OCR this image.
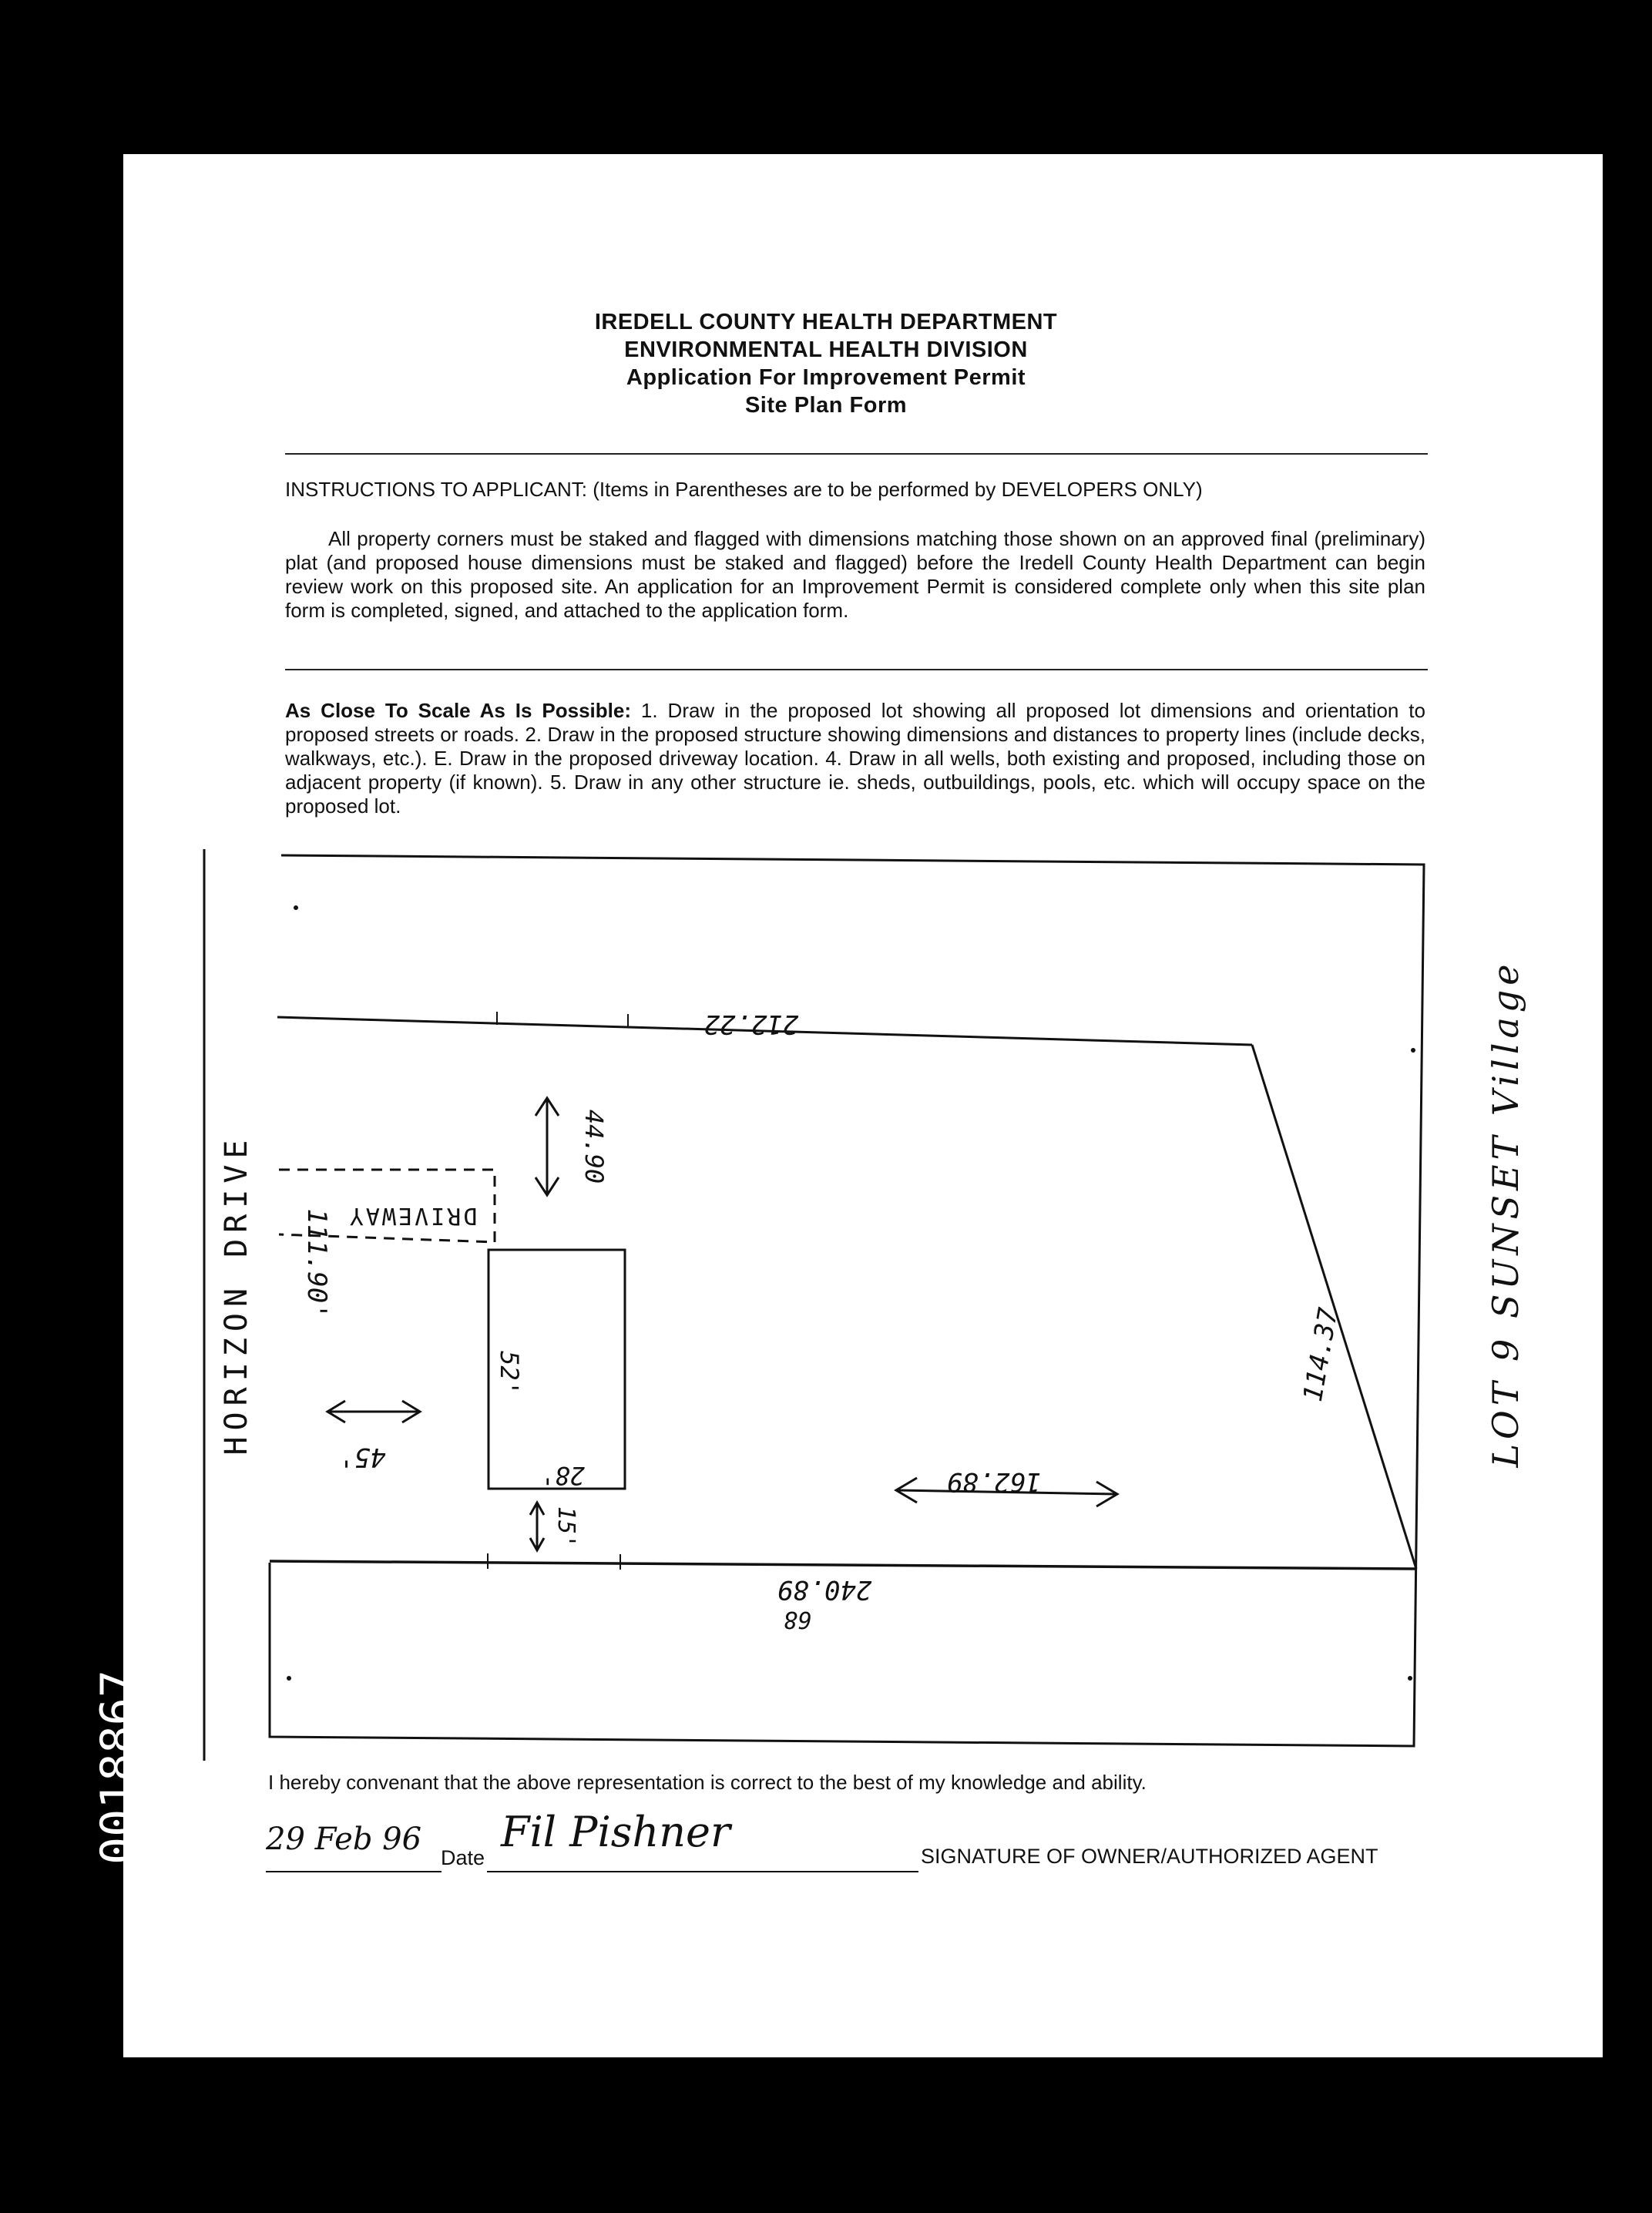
IREDELL COUNTY HEALTH DEPARTMENT
ENVIRONMENTAL HEALTH DIVISION
Application For Improvement Permit
Site Plan Form
INSTRUCTIONS TO APPLICANT: (Items in Parentheses are to be performed by DEVELOPERS ONLY)
All property corners must be staked and flagged with dimensions matching those shown on an approved final (preliminary) plat (and proposed house dimensions must be staked and flagged) before the Iredell County Health Department can begin review work on this proposed site. An application for an Improvement Permit is considered complete only when this site plan form is completed, signed, and attached to the application form.
As Close To Scale As Is Possible: 1. Draw in the proposed lot showing all proposed lot dimensions and orientation to proposed streets or roads. 2. Draw in the proposed structure showing dimensions and distances to property lines (include decks, walkways, etc.). E. Draw in the proposed driveway location. 4. Draw in all wells, both existing and proposed, including those on adjacent property (if known). 5. Draw in any other structure ie. sheds, outbuildings, pools, etc. which will occupy space on the proposed lot.
212.22
111.90'
114.37
240.89
68
DRIVEWAY
44.90
52'
28'
45'
15'
162.89
HORIZON DRIVE	LOT 9 SUNSET Village
I hereby convenant that the above representation is correct to the best of my knowledge and ability.
29 Feb 96
Date
Fil Pishner	SIGNATURE OF OWNER/AUTHORIZED AGENT
0018867
